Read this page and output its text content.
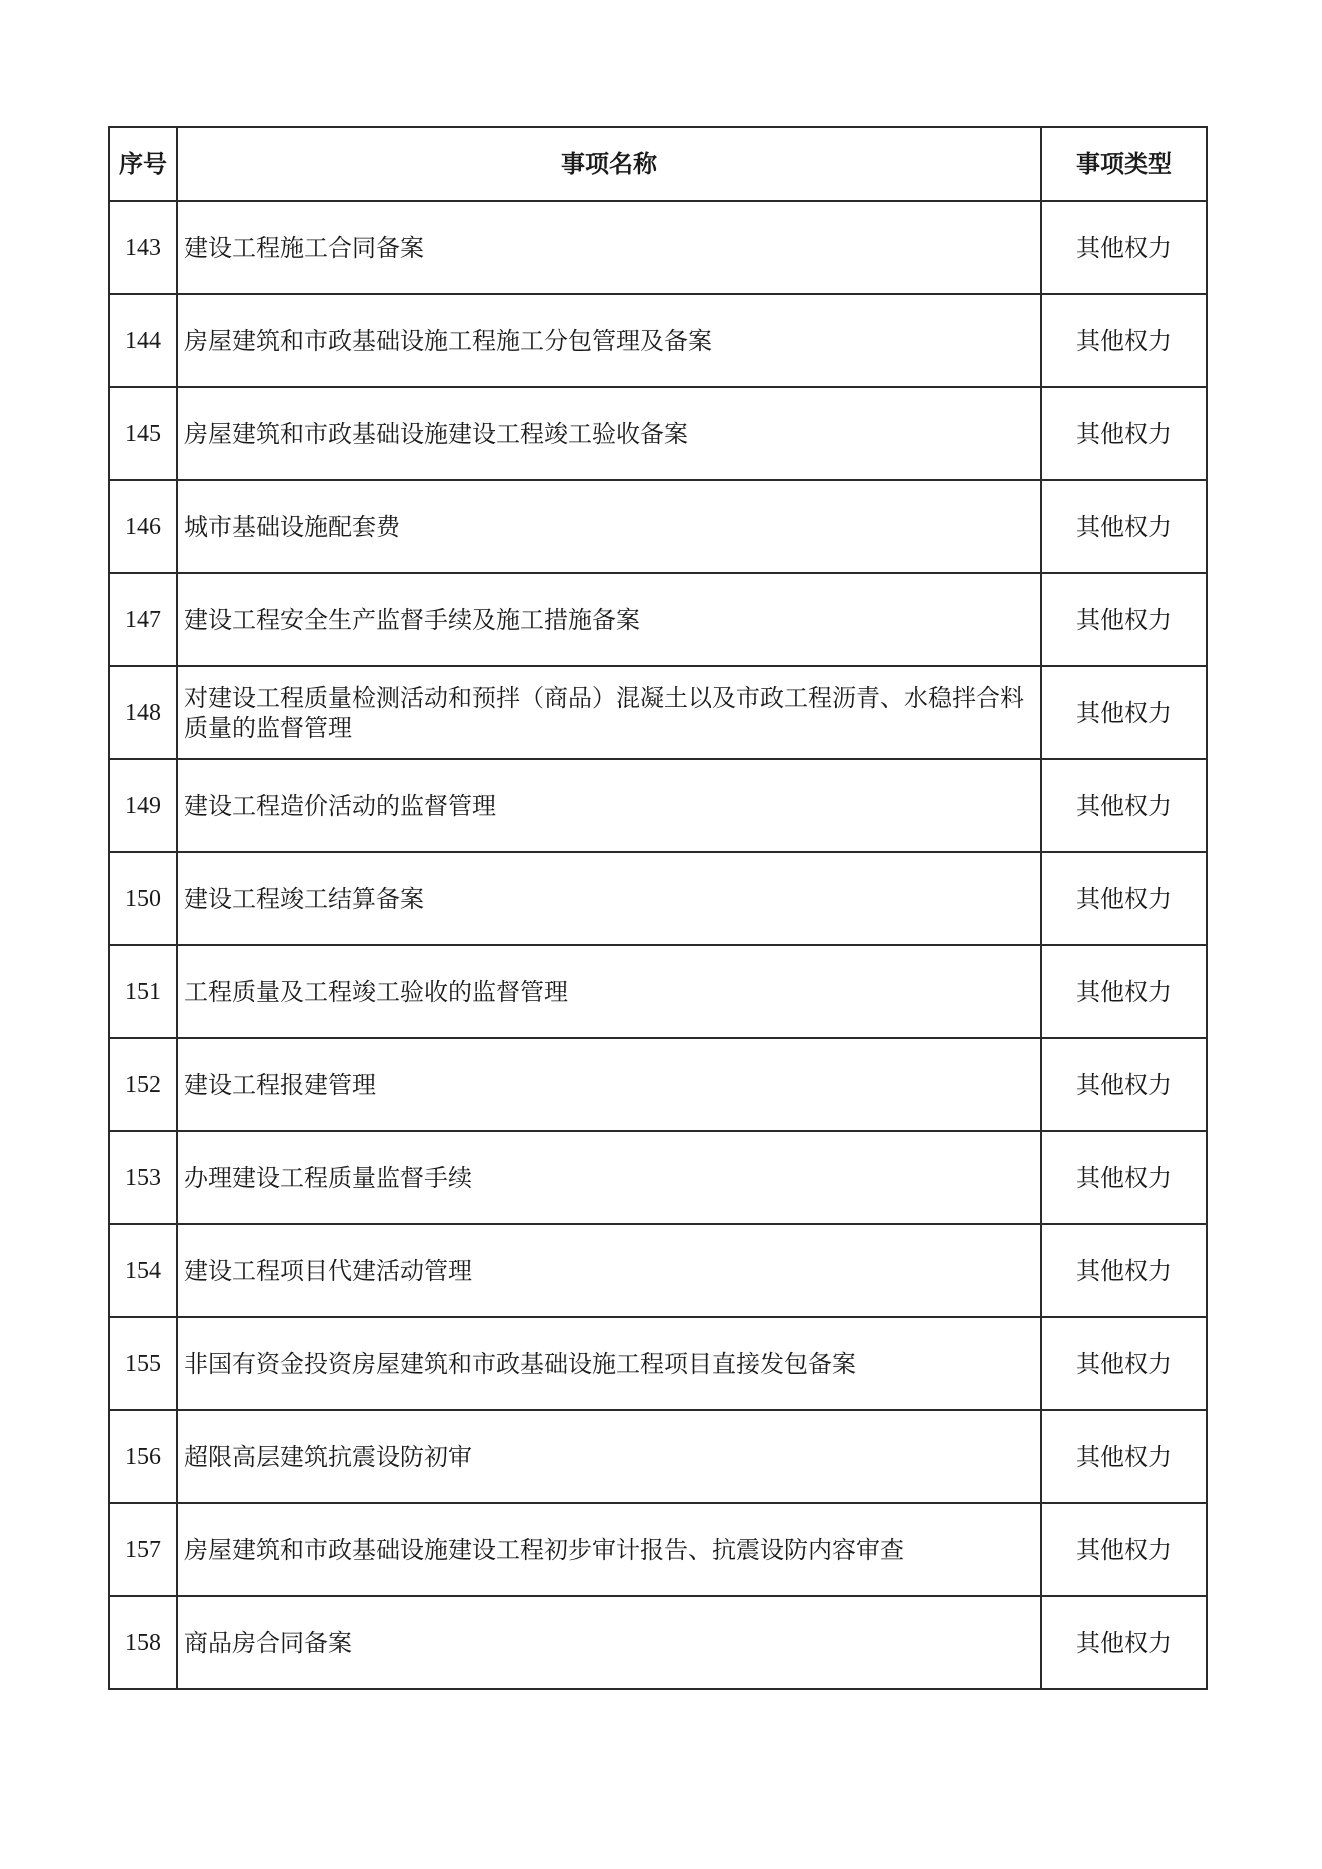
序号	事项名称	事项类型
143	建设工程施工合同备案	其他权力
144	房屋建筑和市政基础设施工程施工分包管理及备案	其他权力
145	房屋建筑和市政基础设施建设工程竣工验收备案	其他权力
146	城市基础设施配套费	其他权力
147	建设工程安全生产监督手续及施工措施备案	其他权力
148	对建设工程质量检测活动和预拌（商品）混凝土以及市政工程沥青、水稳拌合料质量的监督管理	其他权力
149	建设工程造价活动的监督管理	其他权力
150	建设工程竣工结算备案	其他权力
151	工程质量及工程竣工验收的监督管理	其他权力
152	建设工程报建管理	其他权力
153	办理建设工程质量监督手续	其他权力
154	建设工程项目代建活动管理	其他权力
155	非国有资金投资房屋建筑和市政基础设施工程项目直接发包备案	其他权力
156	超限高层建筑抗震设防初审	其他权力
157	房屋建筑和市政基础设施建设工程初步审计报告、抗震设防内容审查	其他权力
158	商品房合同备案	其他权力
